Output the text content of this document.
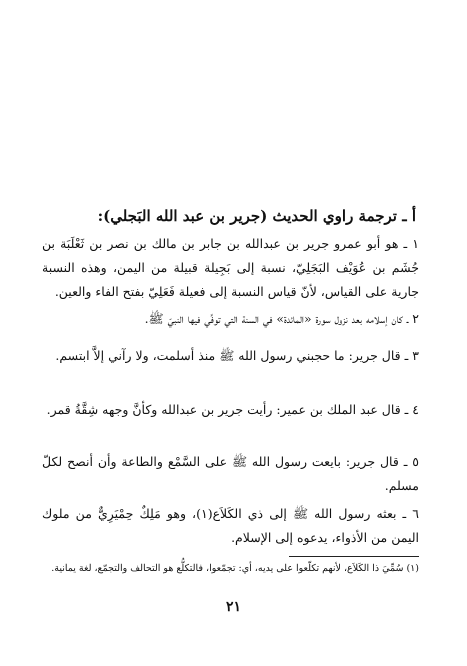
أ ـ ترجمة راوي الحديث (جرير بن عبد الله البَجلي):

١ ـ هو أبو عمرو جرير بن عبدالله بن جابر بن مالك بن نصر بن ثَعْلَبَة بن جُشَم بن عُوَيْف البَجَلِيّ، نسبة إلى بَجِيلة قبيلة من اليمن، وهذه النسبة جارية على القياس، لأنّ قياس النسبة إلى فعيلة فَعَلِيّ بفتح الفاء والعين.

٢ ـ كان إسلامه بعد نزول سورة «المائدة» في السنة التي توفِّي فيها النبيّ ﷺ.

٣ ـ قال جرير: ما حجبني رسول الله ﷺ منذ أسلمت، ولا رآني إلاَّ ابتسم.

٤ ـ قال عبد الملك بن عمير: رأيت جرير بن عبدالله وكأنَّ وجهه شِقَّةُ قمر.

٥ ـ قال جرير: بايعت رسول الله ﷺ على السَّمْع والطاعة وأن أنصح لكلّ مسلم.

٦ ـ بعثه رسول الله ﷺ إلى ذي الكَلاَع(١)، وهو مَلِكٌ حِمْيَرِيٌّ من ملوك اليمن من الأذواء، يدعوه إلى الإسلام.

(١) سُمِّيَ ذا الكَلاَع، لأنهم تكلّعوا على يديه، أي: تجمّعوا، فالتكلُّع هو التحالف والتجمّع، لغة يمانية.
٢١
